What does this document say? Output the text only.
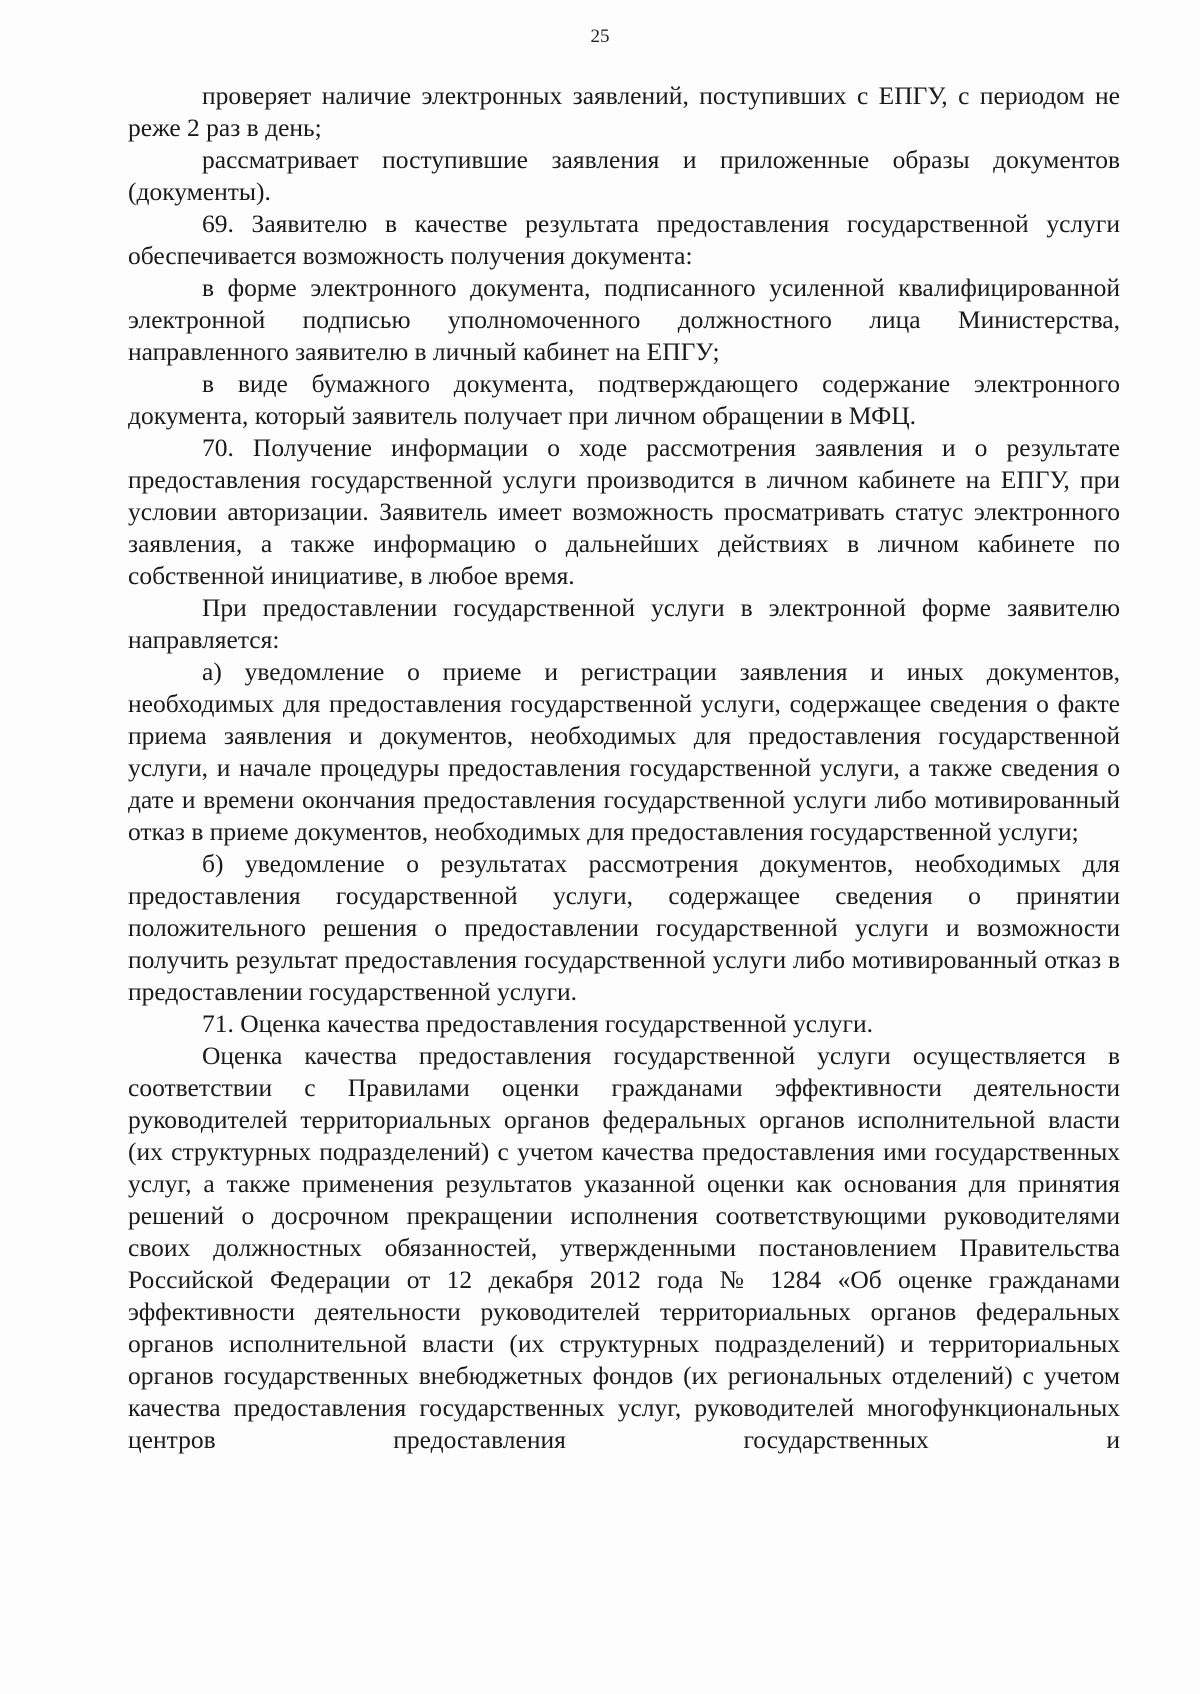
25

проверяет наличие электронных заявлений, поступивших с ЕПГУ, с периодом не реже 2 раз в день;

рассматривает поступившие заявления и приложенные образы документов (документы).

69. Заявителю в качестве результата предоставления государственной услуги обеспечивается возможность получения документа:

в форме электронного документа, подписанного усиленной квалифицированной электронной подписью уполномоченного должностного лица Министерства, направленного заявителю в личный кабинет на ЕПГУ;

в виде бумажного документа, подтверждающего содержание электронного документа, который заявитель получает при личном обращении в МФЦ.

70. Получение информации о ходе рассмотрения заявления и о результате предоставления государственной услуги производится в личном кабинете на ЕПГУ, при условии авторизации. Заявитель имеет возможность просматривать статус электронного заявления, а также информацию о дальнейших действиях в личном кабинете по собственной инициативе, в любое время.

При предоставлении государственной услуги в электронной форме заявителю направляется:

а) уведомление о приеме и регистрации заявления и иных документов, необходимых для предоставления государственной услуги, содержащее сведения о факте приема заявления и документов, необходимых для предоставления государственной услуги, и начале процедуры предоставления государственной услуги, а также сведения о дате и времени окончания предоставления государственной услуги либо мотивированный отказ в приеме документов, необходимых для предоставления государственной услуги;

б) уведомление о результатах рассмотрения документов, необходимых для предоставления государственной услуги, содержащее сведения о принятии положительного решения о предоставлении государственной услуги и возможности получить результат предоставления государственной услуги либо мотивированный отказ в предоставлении государственной услуги.

71. Оценка качества предоставления государственной услуги.

Оценка качества предоставления государственной услуги осуществляется в соответствии с Правилами оценки гражданами эффективности деятельности руководителей территориальных органов федеральных органов исполнительной власти (их структурных подразделений) с учетом качества предоставления ими государственных услуг, а также применения результатов указанной оценки как основания для принятия решений о досрочном прекращении исполнения соответствующими руководителями своих должностных обязанностей, утвержденными постановлением Правительства Российской Федерации от 12 декабря 2012 года № 1284 «Об оценке гражданами эффективности деятельности руководителей территориальных органов федеральных органов исполнительной власти (их структурных подразделений) и территориальных органов государственных внебюджетных фондов (их региональных отделений) с учетом качества предоставления государственных услуг, руководителей многофункциональных центров предоставления государственных и
